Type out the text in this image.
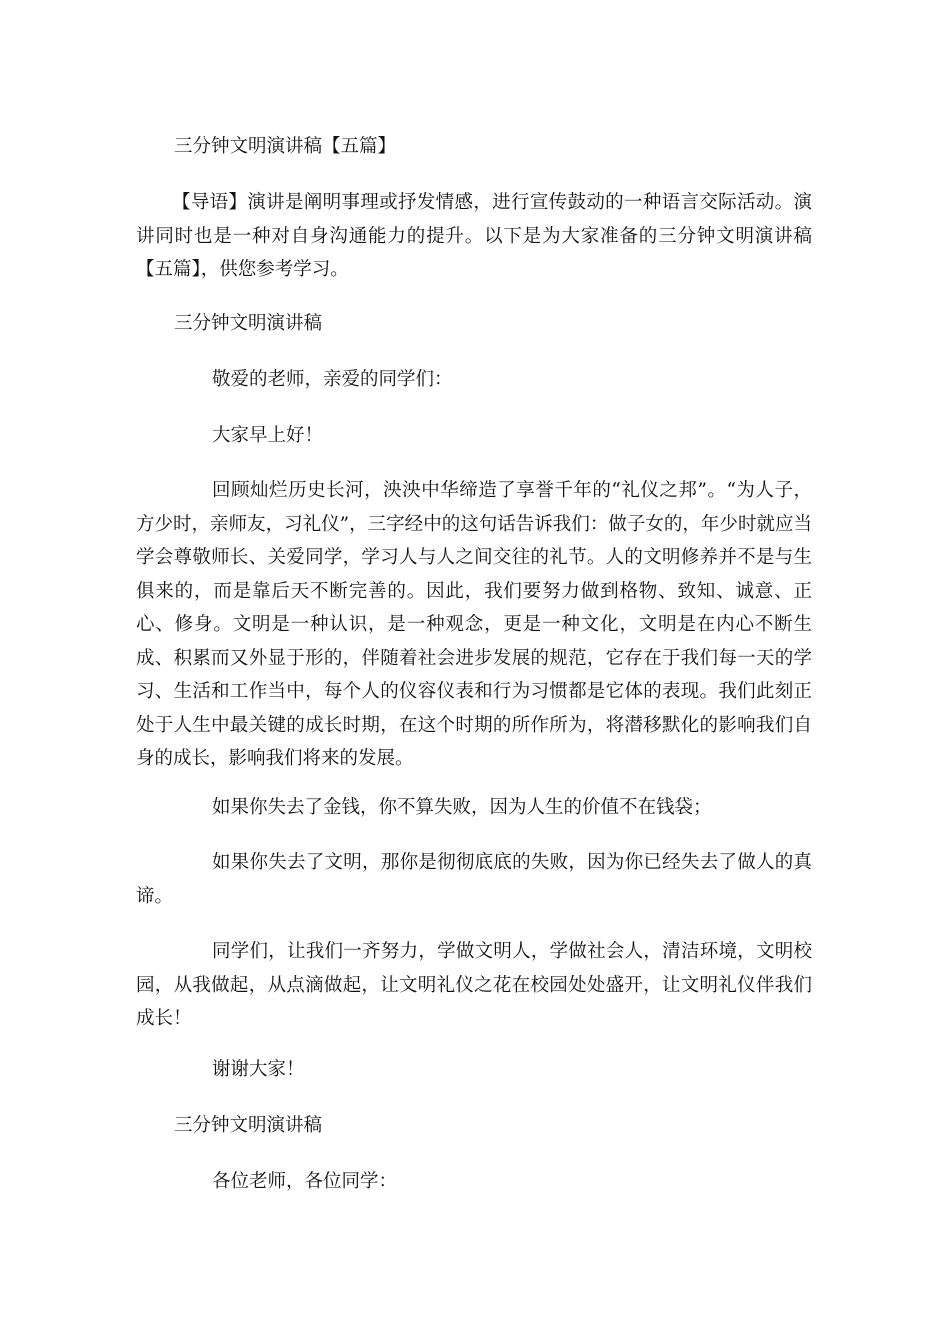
三分钟文明演讲稿【五篇】
【导语】演讲是阐明事理或抒发情感，进行宣传鼓动的一种语言交际活动。演讲同时也是一种对自身沟通能力的提升。以下是为大家准备的三分钟文明演讲稿【五篇】，供您参考学习。
三分钟文明演讲稿
敬爱的老师，亲爱的同学们：
大家早上好！
回顾灿烂历史长河，泱泱中华缔造了享誉千年的“礼仪之邦”。“为人子，方少时，亲师友，习礼仪”，三字经中的这句话告诉我们：做子女的，年少时就应当学会尊敬师长、关爱同学，学习人与人之间交往的礼节。人的文明修养并不是与生俱来的，而是靠后天不断完善的。因此，我们要努力做到格物、致知、诚意、正心、修身。文明是一种认识，是一种观念，更是一种文化，文明是在内心不断生成、积累而又外显于形的，伴随着社会进步发展的规范，它存在于我们每一天的学习、生活和工作当中，每个人的仪容仪表和行为习惯都是它体的表现。我们此刻正处于人生中最关键的成长时期，在这个时期的所作所为，将潜移默化的影响我们自身的成长，影响我们将来的发展。
如果你失去了金钱，你不算失败，因为人生的价值不在钱袋；
如果你失去了文明，那你是彻彻底底的失败，因为你已经失去了做人的真谛。
同学们，让我们一齐努力，学做文明人，学做社会人，清洁环境，文明校园，从我做起，从点滴做起，让文明礼仪之花在校园处处盛开，让文明礼仪伴我们成长！
谢谢大家！
三分钟文明演讲稿
各位老师，各位同学：
